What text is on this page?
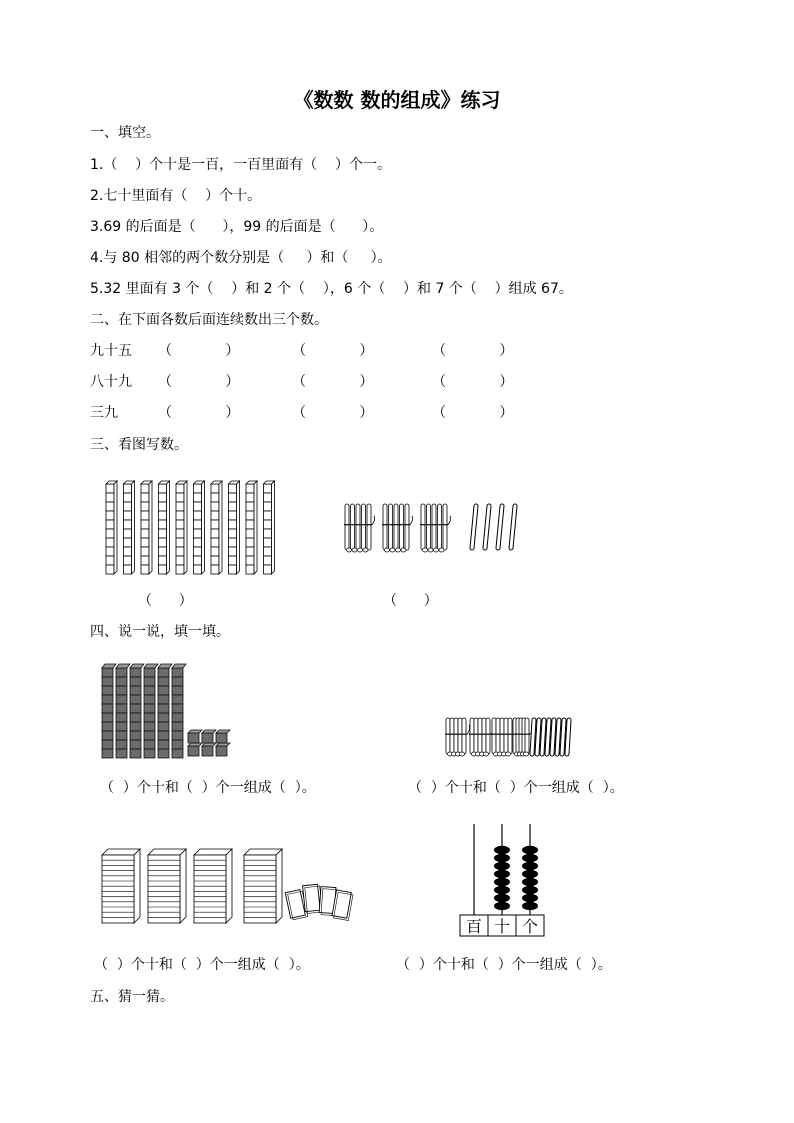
《数数 数的组成》练习
一、填空。
1.（    ）个十是一百，一百里面有（    ）个一。
2.七十里面有（    ）个十。
3.69 的后面是（      ），99 的后面是（      ）。
4.与 80 相邻的两个数分别是（     ）和（     ）。
5.32 里面有 3 个（    ）和 2 个（    ），6 个（    ）和 7 个（    ）组成 67。
二、在下面各数后面连续数出三个数。
九十五 （            ）	（            ）	（            ）
八十九 （            ）	（            ）	（            ）
三九	（            ）	（            ）	（            ）
三、看图写数。
（      ）	（      ）
四、说一说，填一填。
（  ）个十和（  ）个一组成（  ）。	（  ）个十和（  ）个一组成（  ）。
百 十 个
（  ）个十和（  ）个一组成（  ）。	（  ）个十和（  ）个一组成（  ）。
五、猜一猜。
